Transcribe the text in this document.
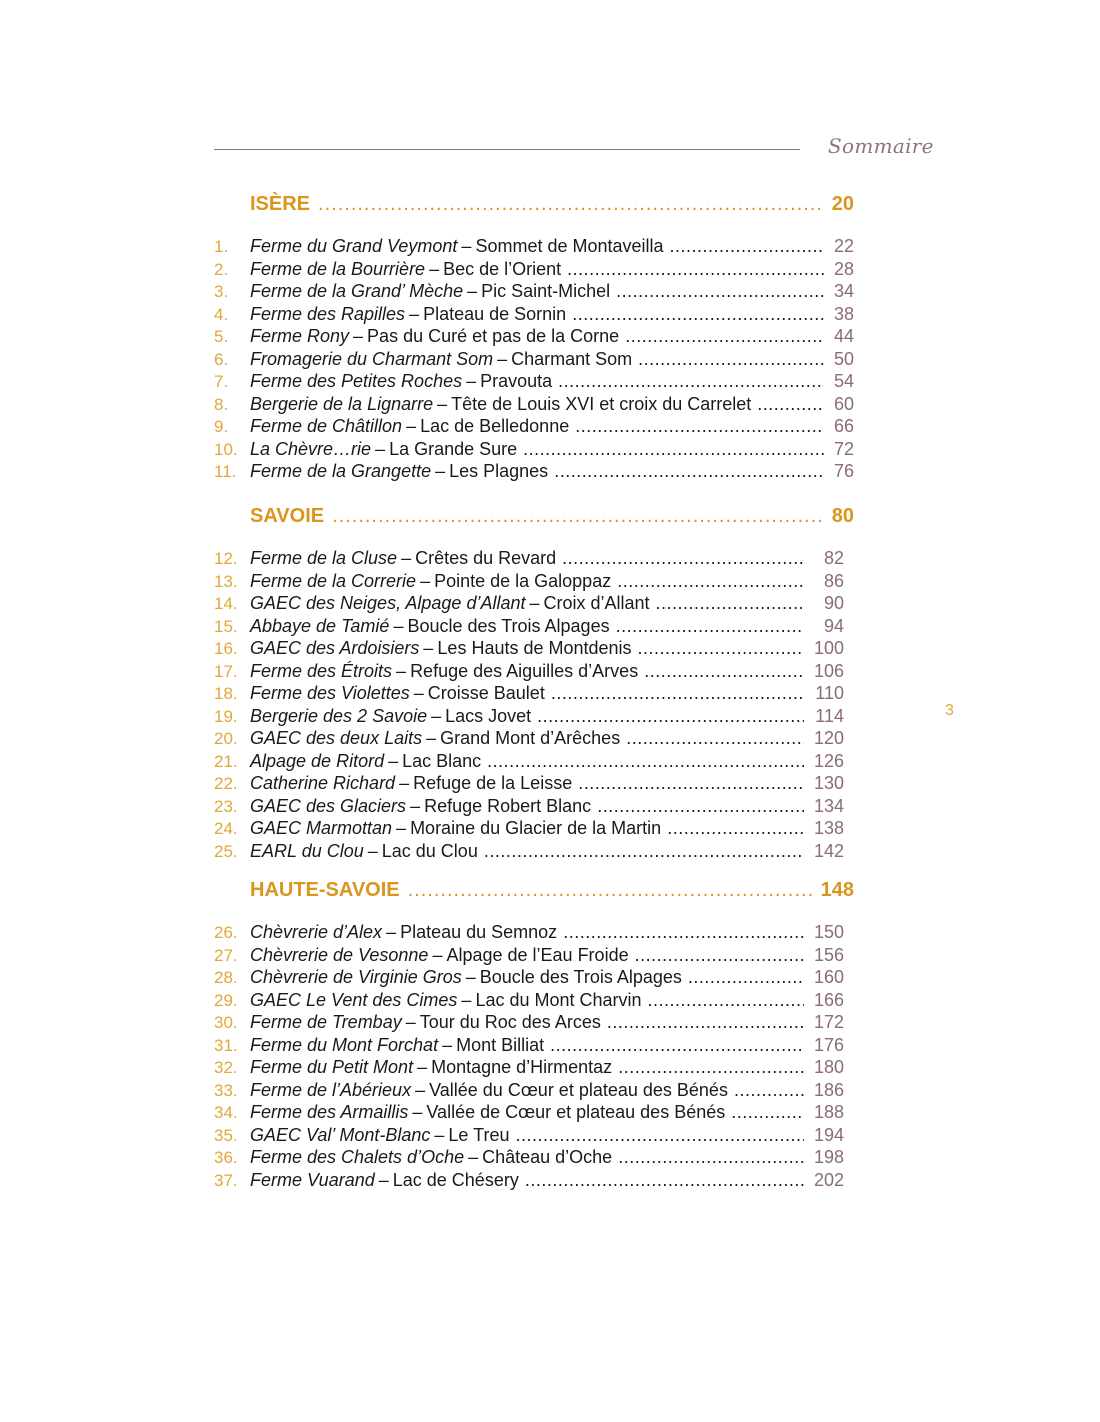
Sommaire
ISÈRE .....	20
1.	Ferme du Grand Veymont – Sommet de Montaveilla .....	22
2.	Ferme de la Bourrière – Bec de l’Orient .....	28
3.	Ferme de la Grand’ Mèche – Pic Saint-Michel .....	34
4.	Ferme des Rapilles – Plateau de Sornin .....	38
5.	Ferme Rony – Pas du Curé et pas de la Corne .....	44
6.	Fromagerie du Charmant Som – Charmant Som .....	50
7.	Ferme des Petites Roches – Pravouta .....	54
8.	Bergerie de la Lignarre – Tête de Louis XVI et croix du Carrelet .....	60
9.	Ferme de Châtillon – Lac de Belledonne .....	66
10. La Chèvre…rie – La Grande Sure .....	72
11. Ferme de la Grangette – Les Plagnes .....	76
SAVOIE .....	80
12. Ferme de la Cluse – Crêtes du Revard .....	82
13. Ferme de la Correrie – Pointe de la Galoppaz .....	86
14. GAEC des Neiges, Alpage d’Allant – Croix d’Allant .....	90
15. Abbaye de Tamié – Boucle des Trois Alpages .....	94
16. GAEC des Ardoisiers – Les Hauts de Montdenis .....	100
17. Ferme des Étroits – Refuge des Aiguilles d’Arves .....	106
18. Ferme des Violettes – Croisse Baulet .....	110
19. Bergerie des 2 Savoie – Lacs Jovet .....	114
20. GAEC des deux Laits – Grand Mont d’Arêches .....	120
21. Alpage de Ritord – Lac Blanc .....	126
22. Catherine Richard – Refuge de la Leisse .....	130
23. GAEC des Glaciers – Refuge Robert Blanc .....	134
24. GAEC Marmottan – Moraine du Glacier de la Martin .....	138
25. EARL du Clou – Lac du Clou .....	142
HAUTE-SAVOIE .....	148
26. Chèvrerie d’Alex – Plateau du Semnoz .....	150
27. Chèvrerie de Vesonne – Alpage de l’Eau Froide .....	156
28. Chèvrerie de Virginie Gros – Boucle des Trois Alpages .....	160
29. GAEC Le Vent des Cimes – Lac du Mont Charvin .....	166
30. Ferme de Trembay – Tour du Roc des Arces .....	172
31. Ferme du Mont Forchat – Mont Billiat .....	176
32. Ferme du Petit Mont – Montagne d’Hirmentaz .....	180
33. Ferme de l’Abérieux – Vallée du Cœur et plateau des Bénés .....	186
34. Ferme des Armaillis – Vallée de Cœur et plateau des Bénés .....	188
35. GAEC Val’ Mont-Blanc – Le Treu .....	194
36. Ferme des Chalets d’Oche – Château d’Oche .....	198
37. Ferme Vuarand – Lac de Chésery .....	202
3
